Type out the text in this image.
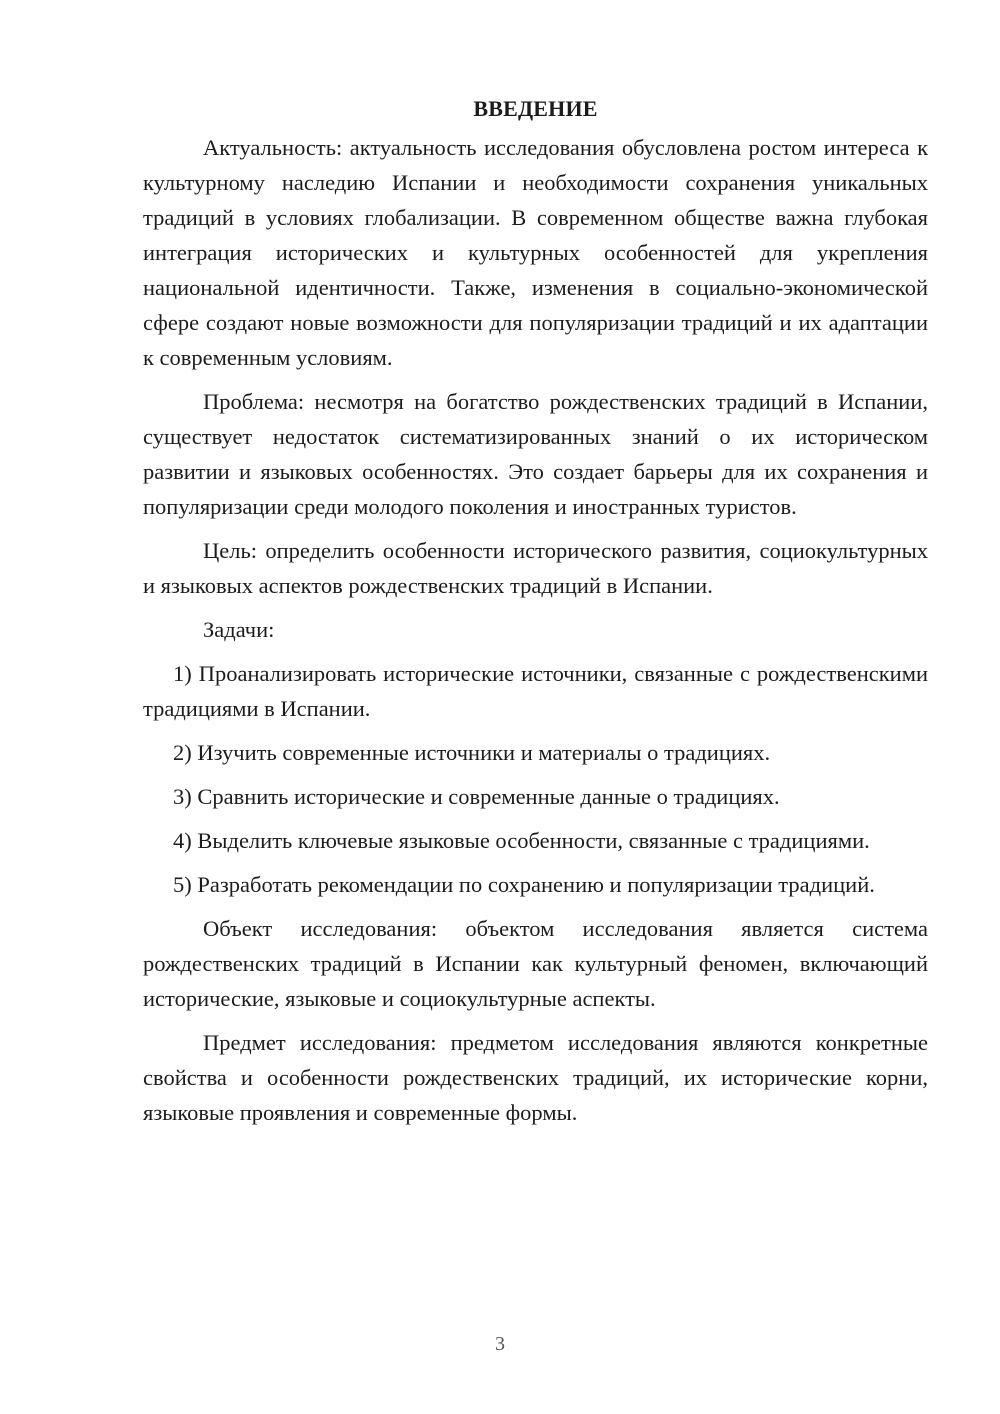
ВВЕДЕНИЕ

Актуальность: актуальность исследования обусловлена ростом интереса к культурному наследию Испании и необходимости сохранения уникальных традиций в условиях глобализации. В современном обществе важна глубокая интеграция исторических и культурных особенностей для укрепления национальной идентичности. Также, изменения в социально-экономической сфере создают новые возможности для популяризации традиций и их адаптации к современным условиям.

Проблема: несмотря на богатство рождественских традиций в Испании, существует недостаток систематизированных знаний о их историческом развитии и языковых особенностях. Это создает барьеры для их сохранения и популяризации среди молодого поколения и иностранных туристов.

Цель: определить особенности исторического развития, социокультурных и языковых аспектов рождественских традиций в Испании.

Задачи:

1) Проанализировать исторические источники, связанные с рождественскими традициями в Испании.

2) Изучить современные источники и материалы о традициях.

3) Сравнить исторические и современные данные о традициях.

4) Выделить ключевые языковые особенности, связанные с традициями.

5) Разработать рекомендации по сохранению и популяризации традиций.

Объект исследования: объектом исследования является система рождественских традиций в Испании как культурный феномен, включающий исторические, языковые и социокультурные аспекты.

Предмет исследования: предметом исследования являются конкретные свойства и особенности рождественских традиций, их исторические корни, языковые проявления и современные формы.

3
